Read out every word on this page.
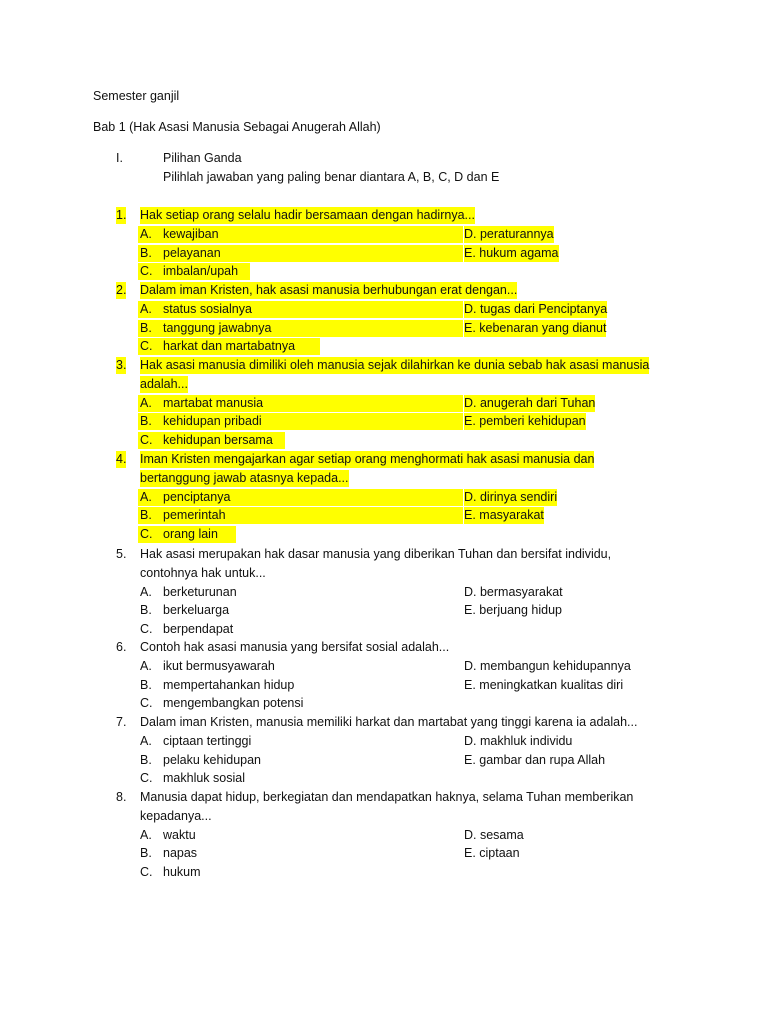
Semester ganjil
Bab 1 (Hak Asasi Manusia Sebagai Anugerah Allah)
I.	Pilihan Ganda
Pilihlah jawaban yang paling benar diantara A, B, C, D dan E
1. Hak setiap orang selalu hadir bersamaan dengan hadirnya...
A. kewajiban	D. peraturannya
B. pelayanan	E. hukum agama
C. imbalan/upah
2. Dalam iman Kristen, hak asasi manusia berhubungan erat dengan...
A. status sosialnya	D. tugas dari Penciptanya
B. tanggung jawabnya	E. kebenaran yang dianut
C. harkat dan martabatnya
3. Hak asasi manusia dimiliki oleh manusia sejak dilahirkan ke dunia sebab hak asasi manusia
adalah...
A. martabat manusia	D. anugerah dari Tuhan
B. kehidupan pribadi	E. pemberi kehidupan
C. kehidupan bersama
4. Iman Kristen mengajarkan agar setiap orang menghormati hak asasi manusia dan
bertanggung jawab atasnya kepada...
A. penciptanya	D. dirinya sendiri
B. pemerintah	E. masyarakat
C. orang lain
5. Hak asasi merupakan hak dasar manusia yang diberikan Tuhan dan bersifat individu,
contohnya hak untuk...
A. berketurunan	D. bermasyarakat
B. berkeluarga	E. berjuang hidup
C. berpendapat
6. Contoh hak asasi manusia yang bersifat sosial adalah...
A. ikut bermusyawarah	D. membangun kehidupannya
B. mempertahankan hidup	E. meningkatkan kualitas diri
C. mengembangkan potensi
7. Dalam iman Kristen, manusia memiliki harkat dan martabat yang tinggi karena ia adalah...
A. ciptaan tertinggi	D. makhluk individu
B. pelaku kehidupan	E. gambar dan rupa Allah
C. makhluk sosial
8. Manusia dapat hidup, berkegiatan dan mendapatkan haknya, selama Tuhan memberikan
kepadanya...
A. waktu	D. sesama
B. napas	E. ciptaan
C. hukum
